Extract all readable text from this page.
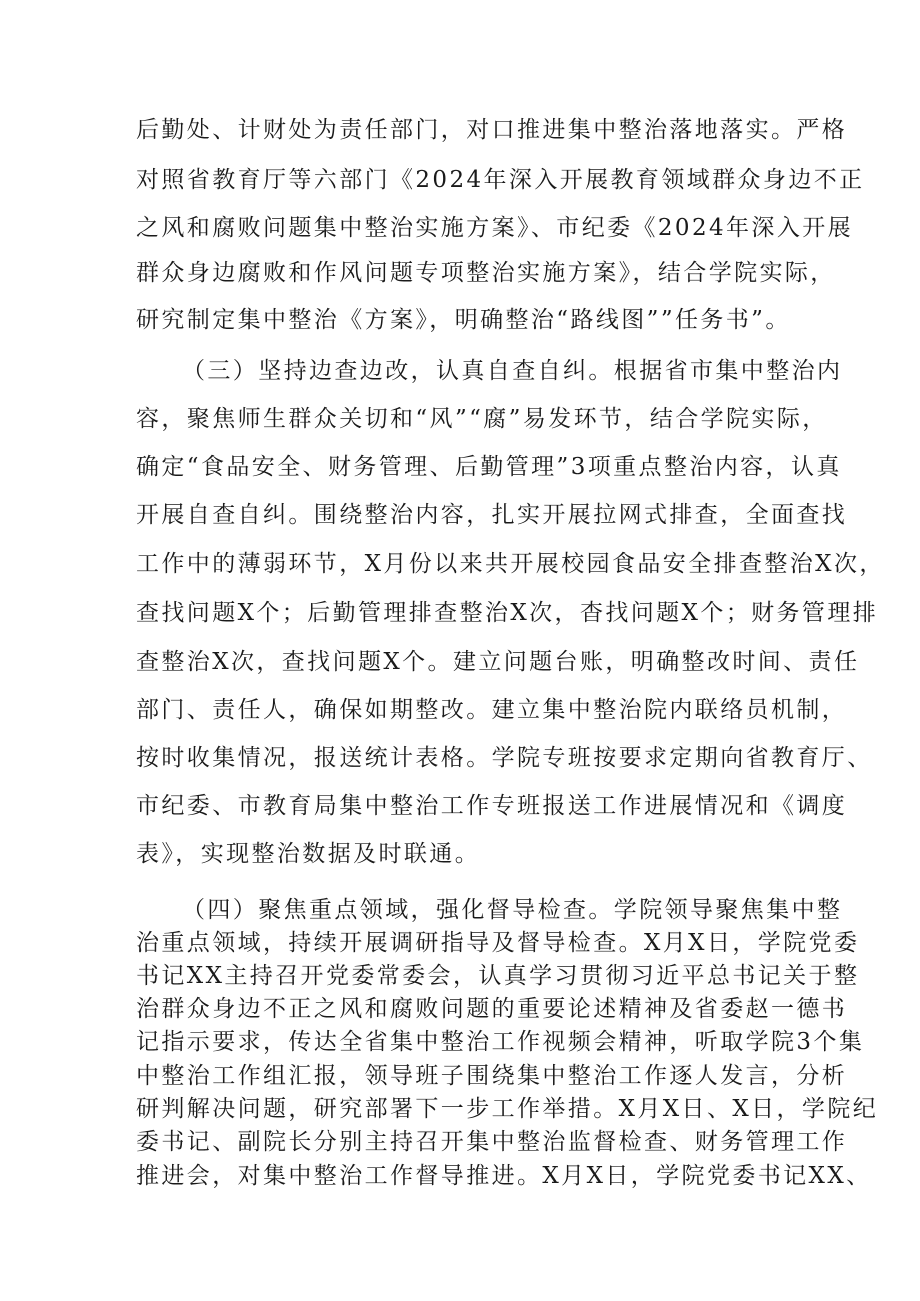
后勤处、计财处为责任部门，对口推进集中整治落地落实。严格

对照省教育厅等六部门《2024年深入开展教育领域群众身边不正

之风和腐败问题集中整治实施方案》、市纪委《2024年深入开展

群众身边腐败和作风问题专项整治实施方案》，结合学院实际，

研究制定集中整治《方案》，明确整治“路线图””任务书”。

（三）坚持边查边改，认真自查自纠。根据省市集中整治内

容，聚焦师生群众关切和“风”“腐”易发环节，结合学院实际，

确定“食品安全、财务管理、后勤管理”3项重点整治内容，认真

开展自查自纠。围绕整治内容，扎实开展拉网式排查，全面查找

工作中的薄弱环节，X月份以来共开展校园食品安全排查整治X次，

查找问题X个；后勤管理排查整治X次，杳找问题X个；财务管理排

查整治X次，查找问题X个。建立问题台账，明确整改时间、责任

部门、责任人，确保如期整改。建立集中整治院内联络员机制，

按时收集情况，报送统计表格。学院专班按要求定期向省教育厅、

市纪委、市教育局集中整治工作专班报送工作进展情况和《调度

表》，实现整治数据及时联通。

（四）聚焦重点领域，强化督导检查。学院领导聚焦集中整

治重点领域，持续开展调研指导及督导检查。X月X日，学院党委

书记XX主持召开党委常委会，认真学习贯彻习近平总书记关于整

治群众身边不正之风和腐败问题的重要论述精神及省委赵一德书

记指示要求，传达全省集中整治工作视频会精神，听取学院3个集

中整治工作组汇报，领导班子围绕集中整治工作逐人发言，分析

研判解决问题，研究部署下一步工作举措。X月X日、X日，学院纪

委书记、副院长分别主持召开集中整治监督检查、财务管理工作

推进会，对集中整治工作督导推进。X月X日，学院党委书记XX、
